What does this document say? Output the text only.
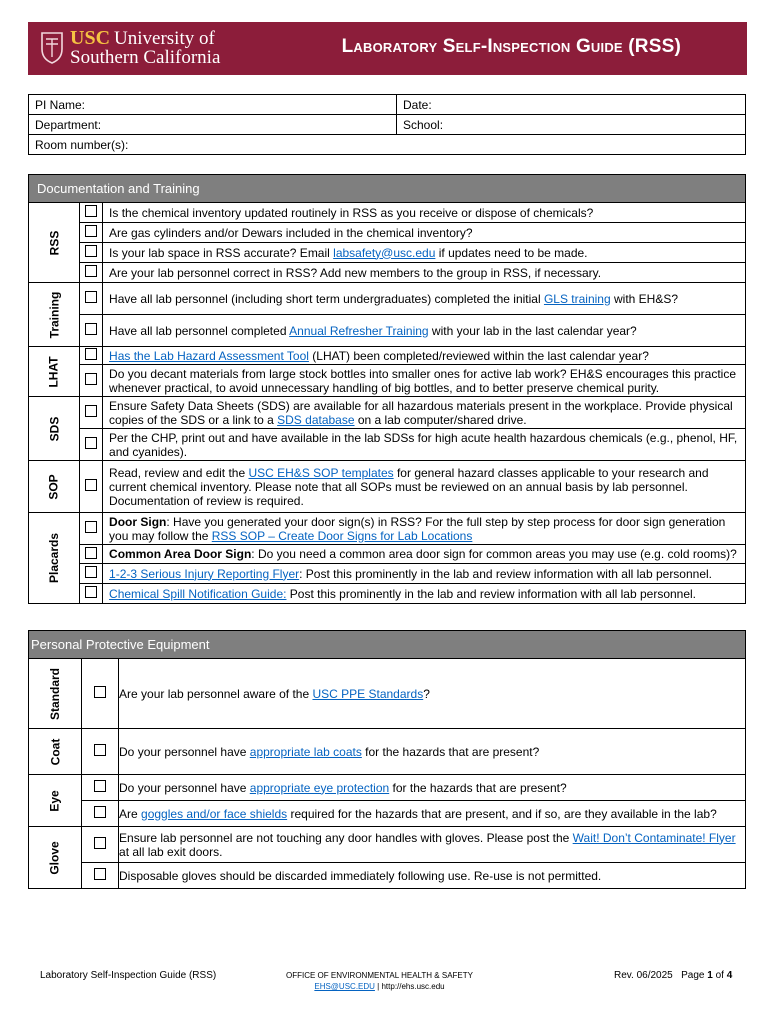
USC University of
Southern California
Laboratory Self-Inspection Guide (RSS)
PI Name:	Date:
Department:	School:
Room number(s):	
Documentation and Training		
RSS		Is the chemical inventory updated routinely in RSS as you receive or dispose of chemicals?
		Are gas cylinders and/or Dewars included in the chemical inventory?
		Is your lab space in RSS accurate? Email labsafety@usc.edu if updates need to be made.
		Are your lab personnel correct in RSS? Add new members to the group in RSS, if necessary.
Training		Have all lab personnel (including short term undergraduates) completed the initial GLS training with EH&S?
		Have all lab personnel completed Annual Refresher Training with your lab in the last calendar year?
LHAT		Has the Lab Hazard Assessment Tool (LHAT) been completed/reviewed within the last calendar year?
		Do you decant materials from large stock bottles into smaller ones for active lab work? EH&S encourages this practice whenever practical, to avoid unnecessary handling of big bottles, and to better preserve chemical purity.
SDS		Ensure Safety Data Sheets (SDS) are available for all hazardous materials present in the workplace. Provide physical copies of the SDS or a link to a SDS database on a lab computer/shared drive.
		Per the CHP, print out and have available in the lab SDSs for high acute health hazardous chemicals (e.g., phenol, HF, and cyanides).
SOP		Read, review and edit the USC EH&S SOP templates for general hazard classes applicable to your research and current chemical inventory. Please note that all SOPs must be reviewed on an annual basis by lab personnel. Documentation of review is required.
Placards		Door Sign: Have you generated your door sign(s) in RSS? For the full step by step process for door sign generation you may follow the RSS SOP – Create Door Signs for Lab Locations
		Common Area Door Sign: Do you need a common area door sign for common areas you may use (e.g. cold rooms)?
		1-2-3 Serious Injury Reporting Flyer: Post this prominently in the lab and review information with all lab personnel.
		Chemical Spill Notification Guide: Post this prominently in the lab and review information with all lab personnel.
Personal Protective Equipment		
Standard		Are your lab personnel aware of the USC PPE Standards?
Coat		Do your personnel have appropriate lab coats for the hazards that are present?
Eye		Do your personnel have appropriate eye protection for the hazards that are present?
		Are goggles and/or face shields required for the hazards that are present, and if so, are they available in the lab?
Glove		Ensure lab personnel are not touching any door handles with gloves. Please post the Wait! Don’t Contaminate! Flyer at all lab exit doors.
		Disposable gloves should be discarded immediately following use. Re-use is not permitted.
Laboratory Self-Inspection Guide (RSS)	OFFICE OF ENVIRONMENTAL HEALTH & SAFETY
EHS@USC.EDU | http://ehs.usc.edu
Rev. 06/2025 Page 1 of 4
